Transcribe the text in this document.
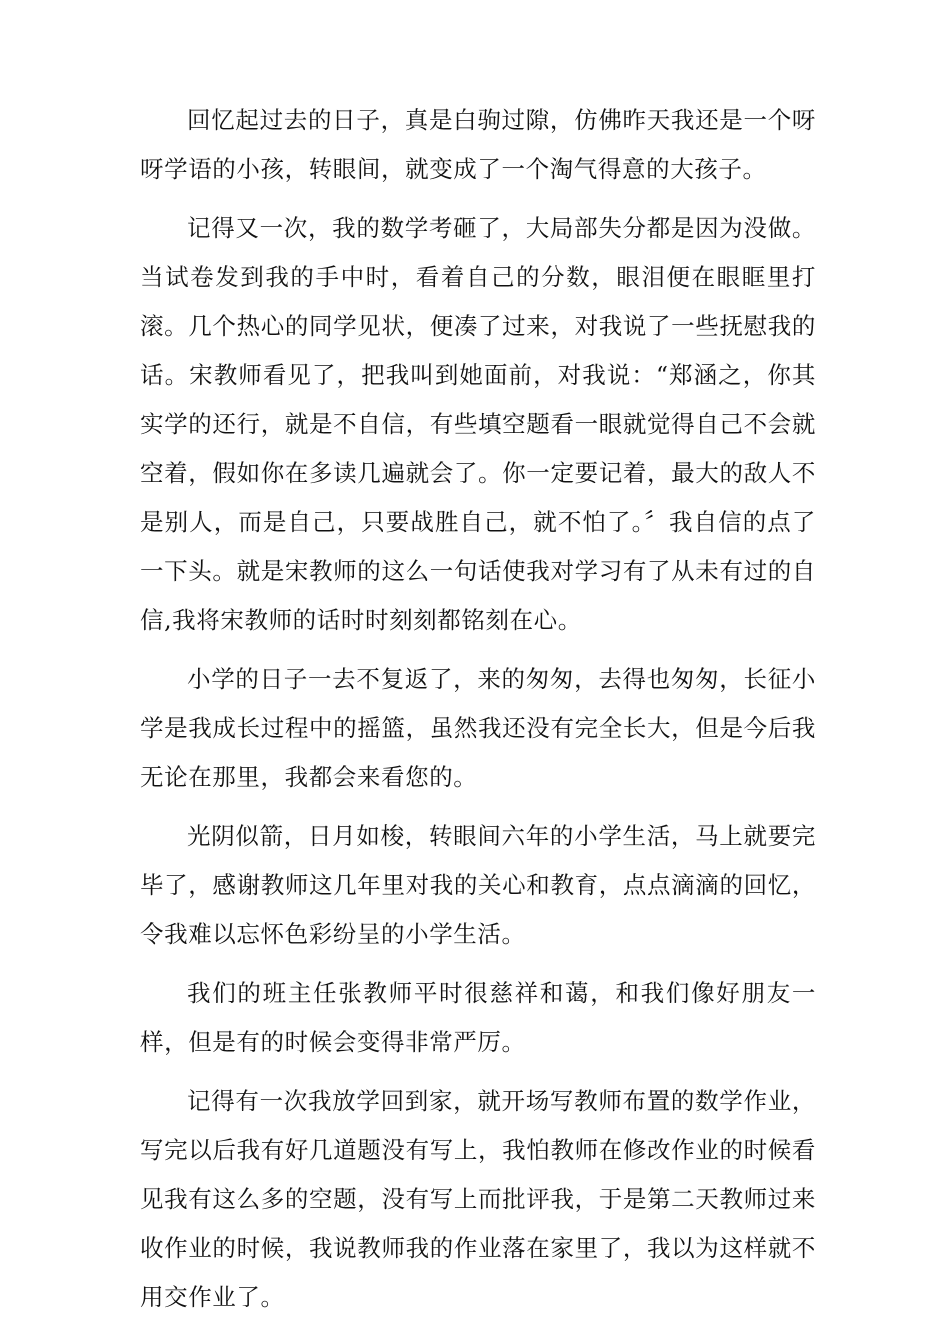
回忆起过去的日子，真是白驹过隙，仿佛昨天我还是一个呀呀学语的小孩，转眼间，就变成了一个淘气得意的大孩子。

记得又一次，我的数学考砸了，大局部失分都是因为没做。当试卷发到我的手中时，看着自己的分数，眼泪便在眼眶里打滚。几个热心的同学见状，便凑了过来，对我说了一些抚慰我的话。宋教师看见了，把我叫到她面前，对我说：“郑涵之，你其实学的还行，就是不自信，有些填空题看一眼就觉得自己不会就空着，假如你在多读几遍就会了。你一定要记着，最大的敌人不是别人，而是自己，只要战胜自己，就不怕了。〞我自信的点了一下头。就是宋教师的这么一句话使我对学习有了从未有过的自信,我将宋教师的话时时刻刻都铭刻在心。

小学的日子一去不复返了，来的匆匆，去得也匆匆，长征小学是我成长过程中的摇篮，虽然我还没有完全长大，但是今后我无论在那里，我都会来看您的。

光阴似箭，日月如梭，转眼间六年的小学生活，马上就要完毕了，感谢教师这几年里对我的关心和教育，点点滴滴的回忆，令我难以忘怀色彩纷呈的小学生活。

我们的班主任张教师平时很慈祥和蔼，和我们像好朋友一样，但是有的时候会变得非常严厉。

记得有一次我放学回到家，就开场写教师布置的数学作业，写完以后我有好几道题没有写上，我怕教师在修改作业的时候看见我有这么多的空题，没有写上而批评我，于是第二天教师过来收作业的时候，我说教师我的作业落在家里了，我以为这样就不用交作业了。
